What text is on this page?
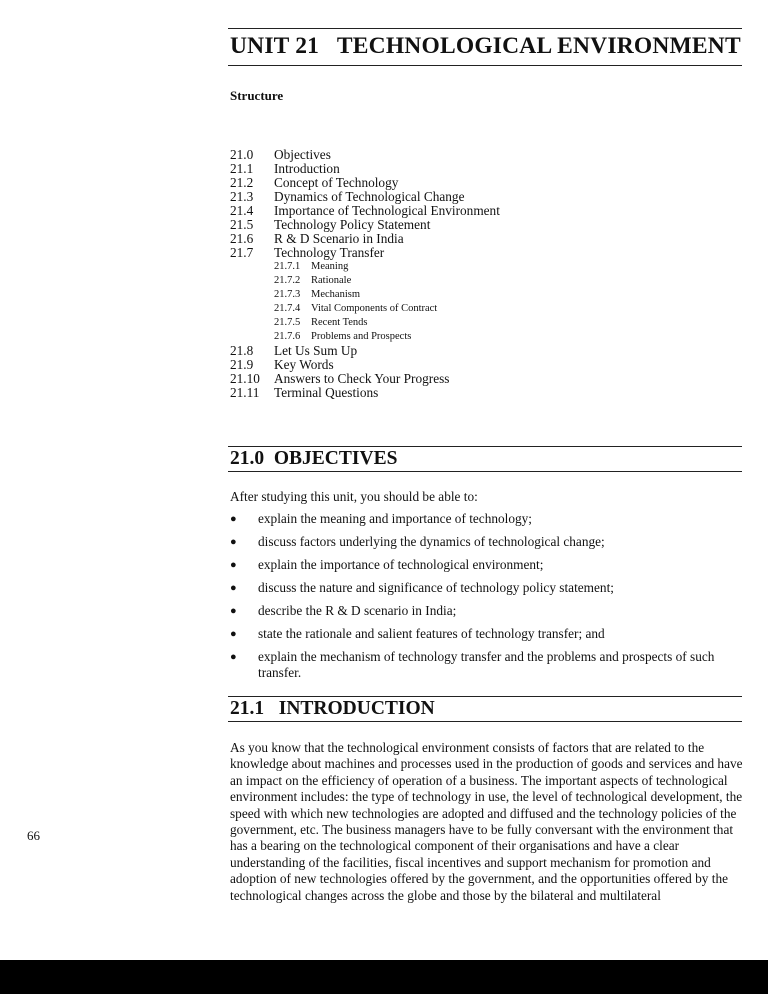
UNIT 21   TECHNOLOGICAL ENVIRONMENT
Structure
21.0	Objectives
21.1	Introduction
21.2	Concept of Technology
21.3	Dynamics of Technological Change
21.4	Importance of Technological Environment
21.5	Technology Policy Statement
21.6	R & D Scenario in India
21.7	Technology Transfer
21.7.1	Meaning
21.7.2	Rationale
21.7.3	Mechanism
21.7.4	Vital Components of Contract
21.7.5	Recent Tends
21.7.6	Problems and Prospects
21.8	Let Us Sum Up
21.9	Key Words
21.10	Answers to Check Your Progress
21.11	Terminal Questions
21.0  OBJECTIVES
After studying this unit, you should be able to:
●	explain the meaning and importance of technology;
●	discuss factors underlying the dynamics of technological change;
●	explain the importance of technological environment;
●	discuss the nature and significance of technology policy statement;
●	describe the R & D scenario in India;
●	state the rationale and salient features of technology transfer; and
●	explain the mechanism of technology transfer and the problems and prospects of such transfer.
21.1   INTRODUCTION
As you know that the technological environment consists of factors that are related to the knowledge about machines and processes used in the production of goods and services and have an impact on the efficiency of operation of a business. The important aspects of technological environment includes: the type of technology in use, the level of technological development, the speed with which new technologies are adopted and diffused and the technology policies of the government, etc. The business managers have to be fully conversant with the environment that has a bearing on the technological component of their organisations and have a clear understanding of the facilities, fiscal incentives and support mechanism for promotion and adoption of new technologies offered by the government, and the opportunities offered by the technological changes across the globe and those by the bilateral and multilateral
66
